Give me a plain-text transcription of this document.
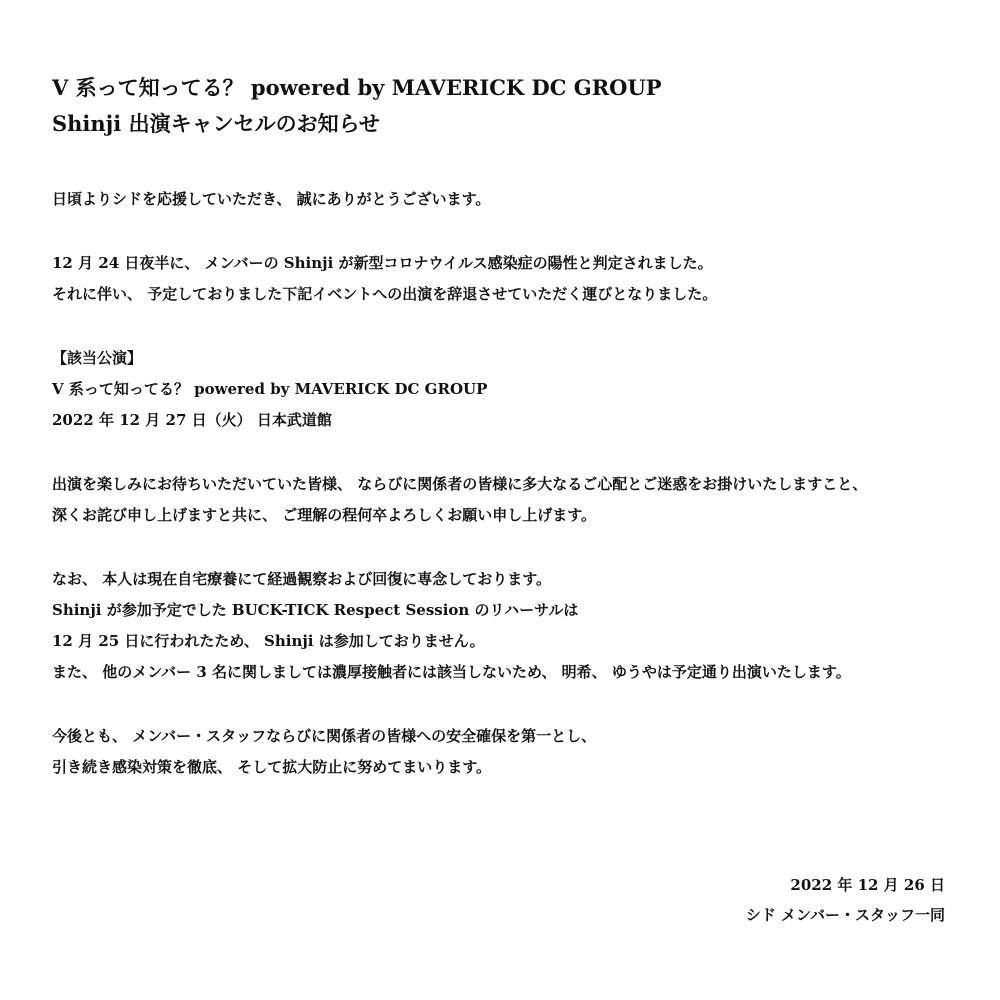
V 系って知ってる？ powered by MAVERICK DC GROUP
Shinji 出演キャンセルのお知らせ
日頃よりシドを応援していただき、 誠にありがとうございます。
12 月 24 日夜半に、 メンバーの Shinji が新型コロナウイルス感染症の陽性と判定されました。
それに伴い、 予定しておりました下記イベントへの出演を辞退させていただく運びとなりました。
【該当公演】
V 系って知ってる？ powered by MAVERICK DC GROUP
2022 年 12 月 27 日（火） 日本武道館
出演を楽しみにお待ちいただいていた皆様、 ならびに関係者の皆様に多大なるご心配とご迷惑をお掛けいたしますこと、
深くお詫び申し上げますと共に、 ご理解の程何卒よろしくお願い申し上げます。
なお、 本人は現在自宅療養にて経過観察および回復に専念しております。
Shinji が参加予定でした BUCK-TICK Respect Session のリハーサルは
12 月 25 日に行われたため、 Shinji は参加しておりません。
また、 他のメンバー 3 名に関しましては濃厚接触者には該当しないため、 明希、 ゆうやは予定通り出演いたします。
今後とも、 メンバー・スタッフならびに関係者の皆様への安全確保を第一とし、
引き続き感染対策を徹底、 そして拡大防止に努めてまいります。
2022 年 12 月 26 日
シド メンバー・スタッフ一同
